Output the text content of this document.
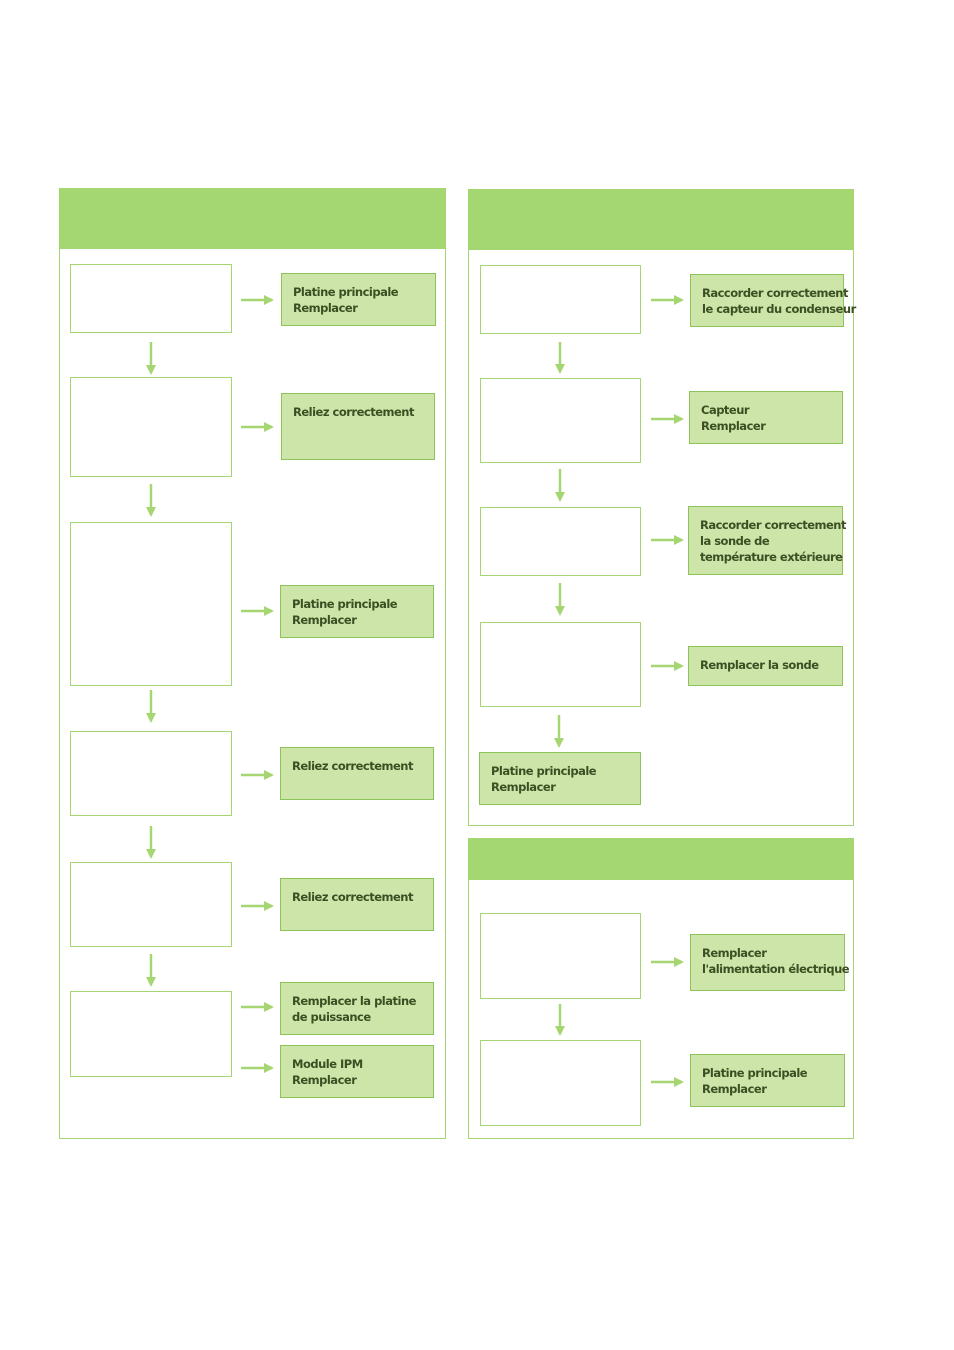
Platine principale
Remplacer
Reliez correctement
Platine principale
Remplacer
Reliez correctement
Reliez correctement
Remplacer la platine
de puissance
Module IPM
Remplacer
Raccorder correctement
le capteur du condenseur
Capteur
Remplacer
Raccorder correctement
la sonde de
température extérieure
Remplacer la sonde
Platine principale
Remplacer
Remplacer
l'alimentation électrique
Platine principale
Remplacer
